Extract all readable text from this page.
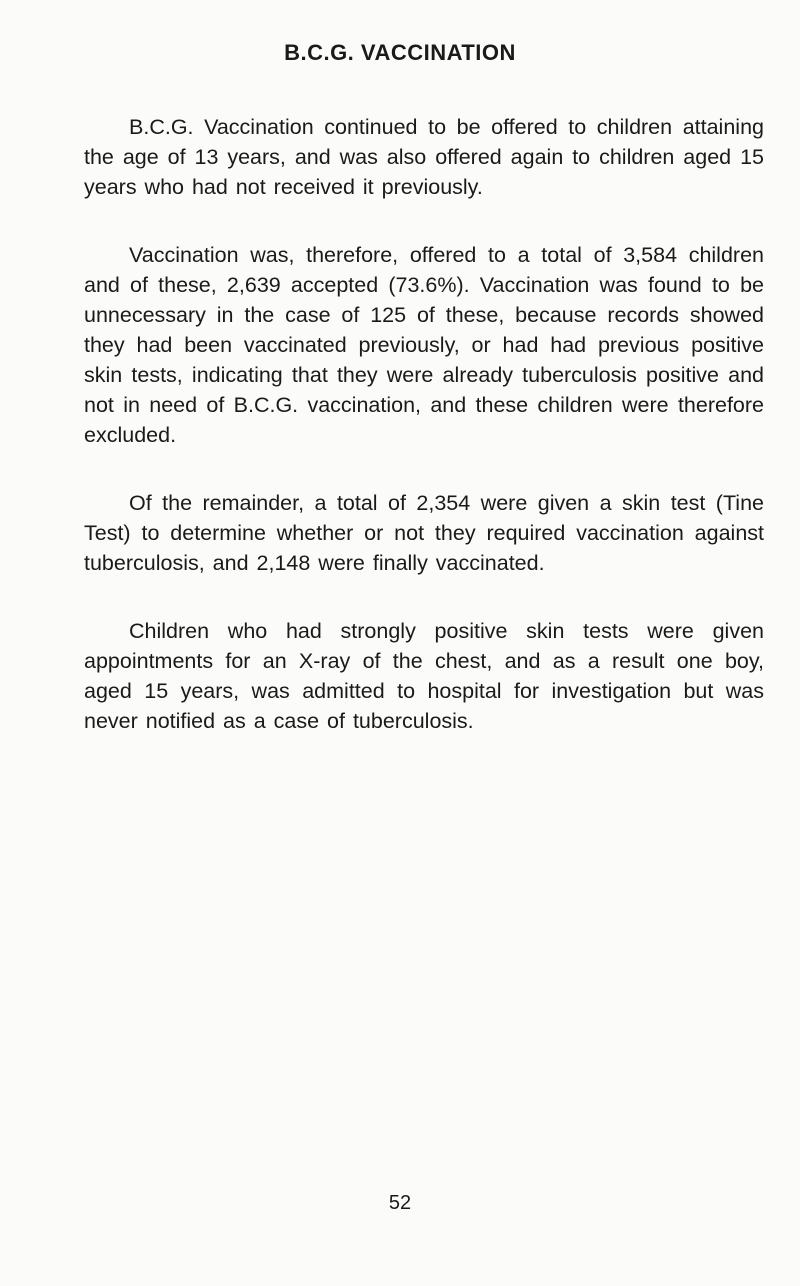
B.C.G. VACCINATION

B.C.G. Vaccination continued to be offered to children attaining the age of 13 years, and was also offered again to children aged 15 years who had not received it previously.

Vaccination was, therefore, offered to a total of 3,584 children and of these, 2,639 accepted (73.6%). Vaccination was found to be unnecessary in the case of 125 of these, because records showed they had been vaccinated previously, or had had previous positive skin tests, indicating that they were already tuberculosis positive and not in need of B.C.G. vaccination, and these children were therefore excluded.

Of the remainder, a total of 2,354 were given a skin test (Tine Test) to determine whether or not they required vaccination against tuberculosis, and 2,148 were finally vaccinated.

Children who had strongly positive skin tests were given appointments for an X-ray of the chest, and as a result one boy, aged 15 years, was admitted to hospital for investigation but was never notified as a case of tuberculosis.

52
